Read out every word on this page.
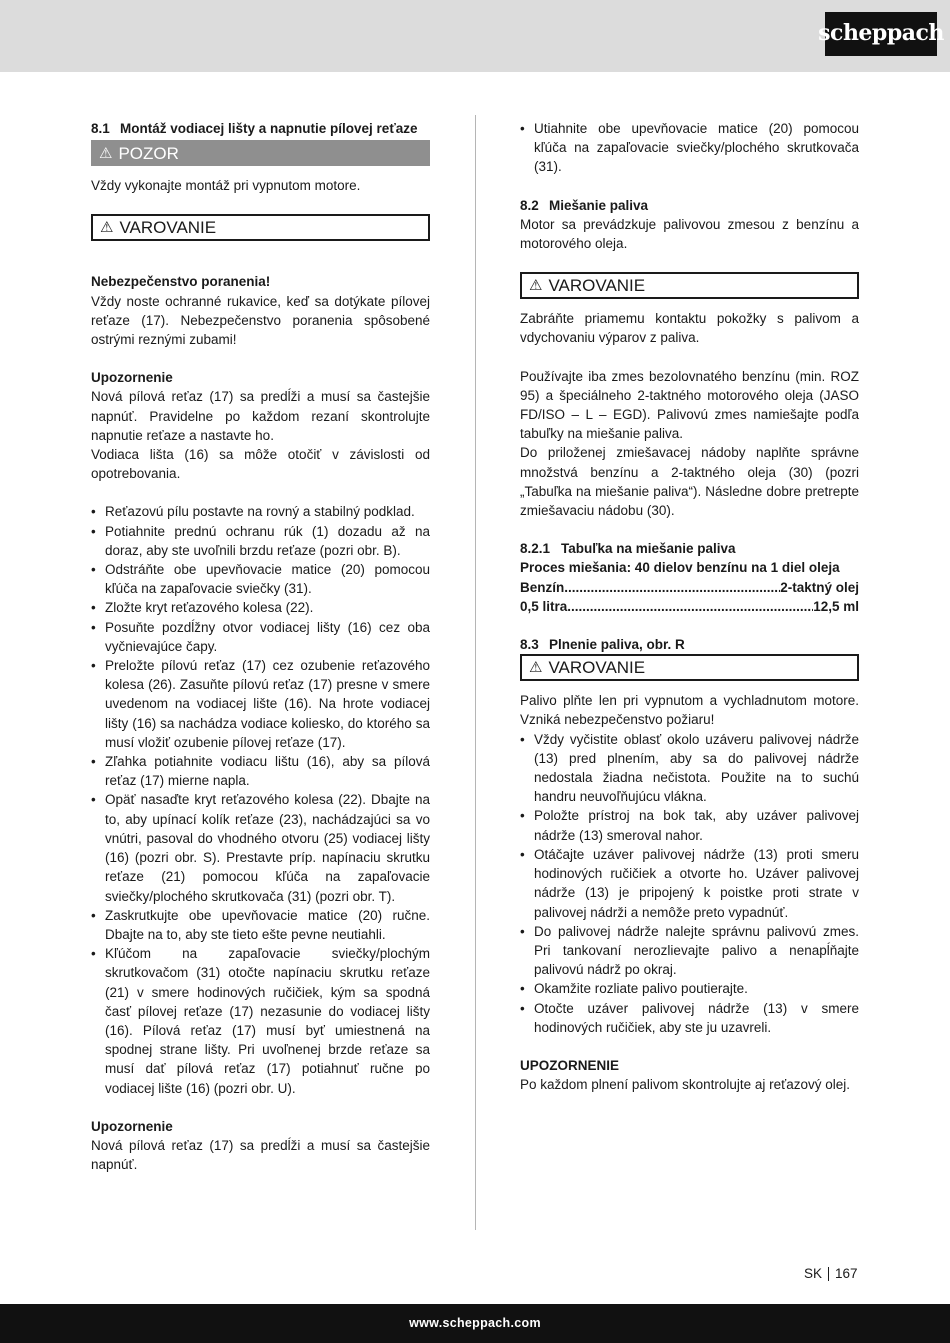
scheppach
8.1 Montáž vodiacej lišty a napnutie pílovej reťaze
⚠ POZOR

Vždy vykonajte montáž pri vypnutom motore.

⚠ VAROVANIE

Nebezpečenstvo poranenia!

Vždy noste ochranné rukavice, keď sa dotýkate pílovej reťaze (17). Nebezpečenstvo poranenia spôsobené ostrými reznými zubami!

Upozornenie

Nová pílová reťaz (17) sa predĺži a musí sa častejšie napnúť. Pravidelne po každom rezaní skontrolujte napnutie reťaze a nastavte ho.

Vodiaca lišta (16) sa môže otočiť v závislosti od opotrebovania.

• Reťazovú pílu postavte na rovný a stabilný podklad.
• Potiahnite prednú ochranu rúk (1) dozadu až na doraz, aby ste uvoľnili brzdu reťaze (pozri obr. B).
• Odstráňte obe upevňovacie matice (20) pomocou kľúča na zapaľovacie sviečky (31).
• Zložte kryt reťazového kolesa (22).
• Posuňte pozdĺžny otvor vodiacej lišty (16) cez oba vyčnievajúce čapy.
• Preložte pílovú reťaz (17) cez ozubenie reťazového kolesa (26). Zasuňte pílovú reťaz (17) presne v smere uvedenom na vodiacej lište (16). Na hrote vodiacej lišty (16) sa nachádza vodiace koliesko, do ktorého sa musí vložiť ozubenie pílovej reťaze (17).
• Zľahka potiahnite vodiacu lištu (16), aby sa pílová reťaz (17) mierne napla.
• Opäť nasaďte kryt reťazového kolesa (22). Dbajte na to, aby upínací kolík reťaze (23), nachádzajúci sa vo vnútri, pasoval do vhodného otvoru (25) vodiacej lišty (16) (pozri obr. S). Prestavte príp. napínaciu skrutku reťaze (21) pomocou kľúča na zapaľovacie sviečky/plochého skrutkovača (31) (pozri obr. T).
• Zaskrutkujte obe upevňovacie matice (20) ručne. Dbajte na to, aby ste tieto ešte pevne neutiahli.
• Kľúčom na zapaľovacie sviečky/plochým skrutkovačom (31) otočte napínaciu skrutku reťaze (21) v smere hodinových ručičiek, kým sa spodná časť pílovej reťaze (17) nezasunie do vodiacej lišty (16). Pílová reťaz (17) musí byť umiestnená na spodnej strane lišty. Pri uvoľnenej brzde reťaze sa musí dať pílová reťaz (17) potiahnuť ručne po vodiacej lište (16) (pozri obr. U).

Upozornenie

Nová pílová reťaz (17) sa predĺži a musí sa častejšie napnúť.

• Utiahnite obe upevňovacie matice (20) pomocou kľúča na zapaľovacie sviečky/plochého skrutkovača (31).
8.2 Miešanie paliva

Motor sa prevádzkuje palivovou zmesou z benzínu a motorového oleja.

⚠ VAROVANIE

Zabráňte priamemu kontaktu pokožky s palivom a vdychovaniu výparov z paliva.

Používajte iba zmes bezolovnatého benzínu (min. ROZ 95) a špeciálneho 2-taktného motorového oleja (JASO FD/ISO – L – EGD). Palivovú zmes namiešajte podľa tabuľky na miešanie paliva.

Do priloženej zmiešavacej nádoby naplňte správne množstvá benzínu a 2-taktného oleja (30) (pozri „Tabuľka na miešanie paliva“). Následne dobre pretrepte zmiešavaciu nádobu (30).

8.2.1 Tabuľka na miešanie paliva

Proces miešania: 40 dielov benzínu na 1 diel oleja

Benzín .....	2-taktný olej
0,5 litra .....	12,5 ml
8.3 Plnenie paliva, obr. R
⚠ VAROVANIE

Palivo plňte len pri vypnutom a vychladnutom motore. Vzniká nebezpečenstvo požiaru!

• Vždy vyčistite oblasť okolo uzáveru palivovej nádrže (13) pred plnením, aby sa do palivovej nádrže nedostala žiadna nečistota. Použite na to suchú handru neuvoľňujúcu vlákna.
• Položte prístroj na bok tak, aby uzáver palivovej nádrže (13) smeroval nahor.
• Otáčajte uzáver palivovej nádrže (13) proti smeru hodinových ručičiek a otvorte ho. Uzáver palivovej nádrže (13) je pripojený k poistke proti strate v palivovej nádrži a nemôže preto vypadnúť.
• Do palivovej nádrže nalejte správnu palivovú zmes. Pri tankovaní nerozlievajte palivo a nenapĺňajte palivovú nádrž po okraj.
• Okamžite rozliate palivo poutierajte.
• Otočte uzáver palivovej nádrže (13) v smere hodinových ručičiek, aby ste ju uzavreli.

UPOZORNENIE

Po každom plnení palivom skontrolujte aj reťazový olej.

SK 167
www.scheppach.com
